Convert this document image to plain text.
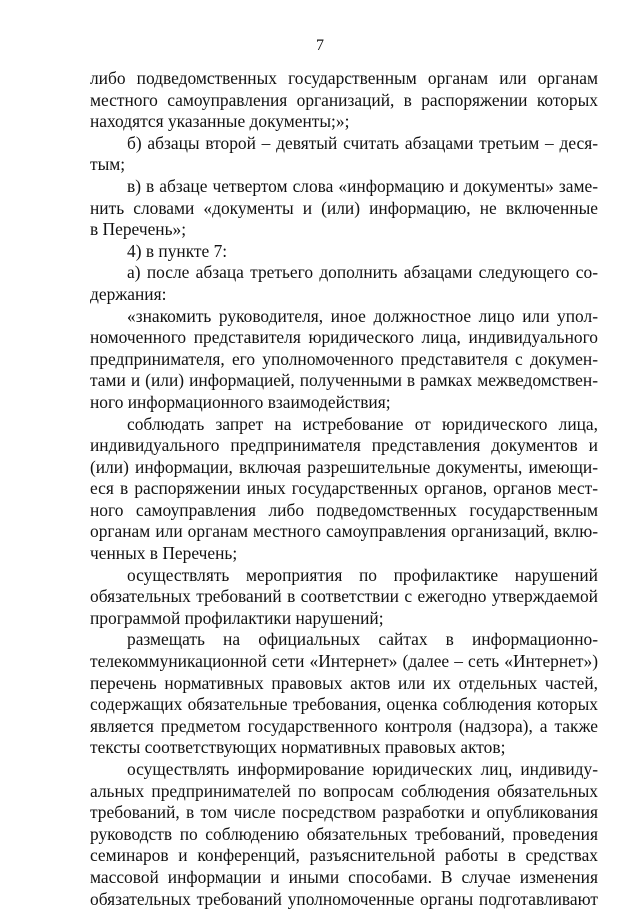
7
либо подведомственных государственным органам или органам
местного самоуправления организаций, в распоряжении которых
находятся указанные документы;»;
б) абзацы второй – девятый считать абзацами третьим – деся-
тым;
в) в абзаце четвертом слова «информацию и документы» заме-
нить словами «документы и (или) информацию, не включенные
в Перечень»;
4) в пункте 7:
а) после абзаца третьего дополнить абзацами следующего со-
держания:
«знакомить руководителя, иное должностное лицо или упол-
номоченного представителя юридического лица, индивидуального
предпринимателя, его уполномоченного представителя с докумен-
тами и (или) информацией, полученными в рамках межведомствен-
ного информационного взаимодействия;
соблюдать запрет на истребование от юридического лица,
индивидуального предпринимателя представления документов и
(или) информации, включая разрешительные документы, имеющи-
еся в распоряжении иных государственных органов, органов мест-
ного самоуправления либо подведомственных государственным
органам или органам местного самоуправления организаций, вклю-
ченных в Перечень;
осуществлять мероприятия по профилактике нарушений
обязательных требований в соответствии с ежегодно утверждаемой
программой профилактики нарушений;
размещать на официальных сайтах в информационно-
телекоммуникационной сети «Интернет» (далее – сеть «Интернет»)
перечень нормативных правовых актов или их отдельных частей,
содержащих обязательные требования, оценка соблюдения которых
является предметом государственного контроля (надзора), а также
тексты соответствующих нормативных правовых актов;
осуществлять информирование юридических лиц, индивиду-
альных предпринимателей по вопросам соблюдения обязательных
требований, в том числе посредством разработки и опубликования
руководств по соблюдению обязательных требований, проведения
семинаров и конференций, разъяснительной работы в средствах
массовой информации и иными способами. В случае изменения
обязательных требований уполномоченные органы подготавливают
